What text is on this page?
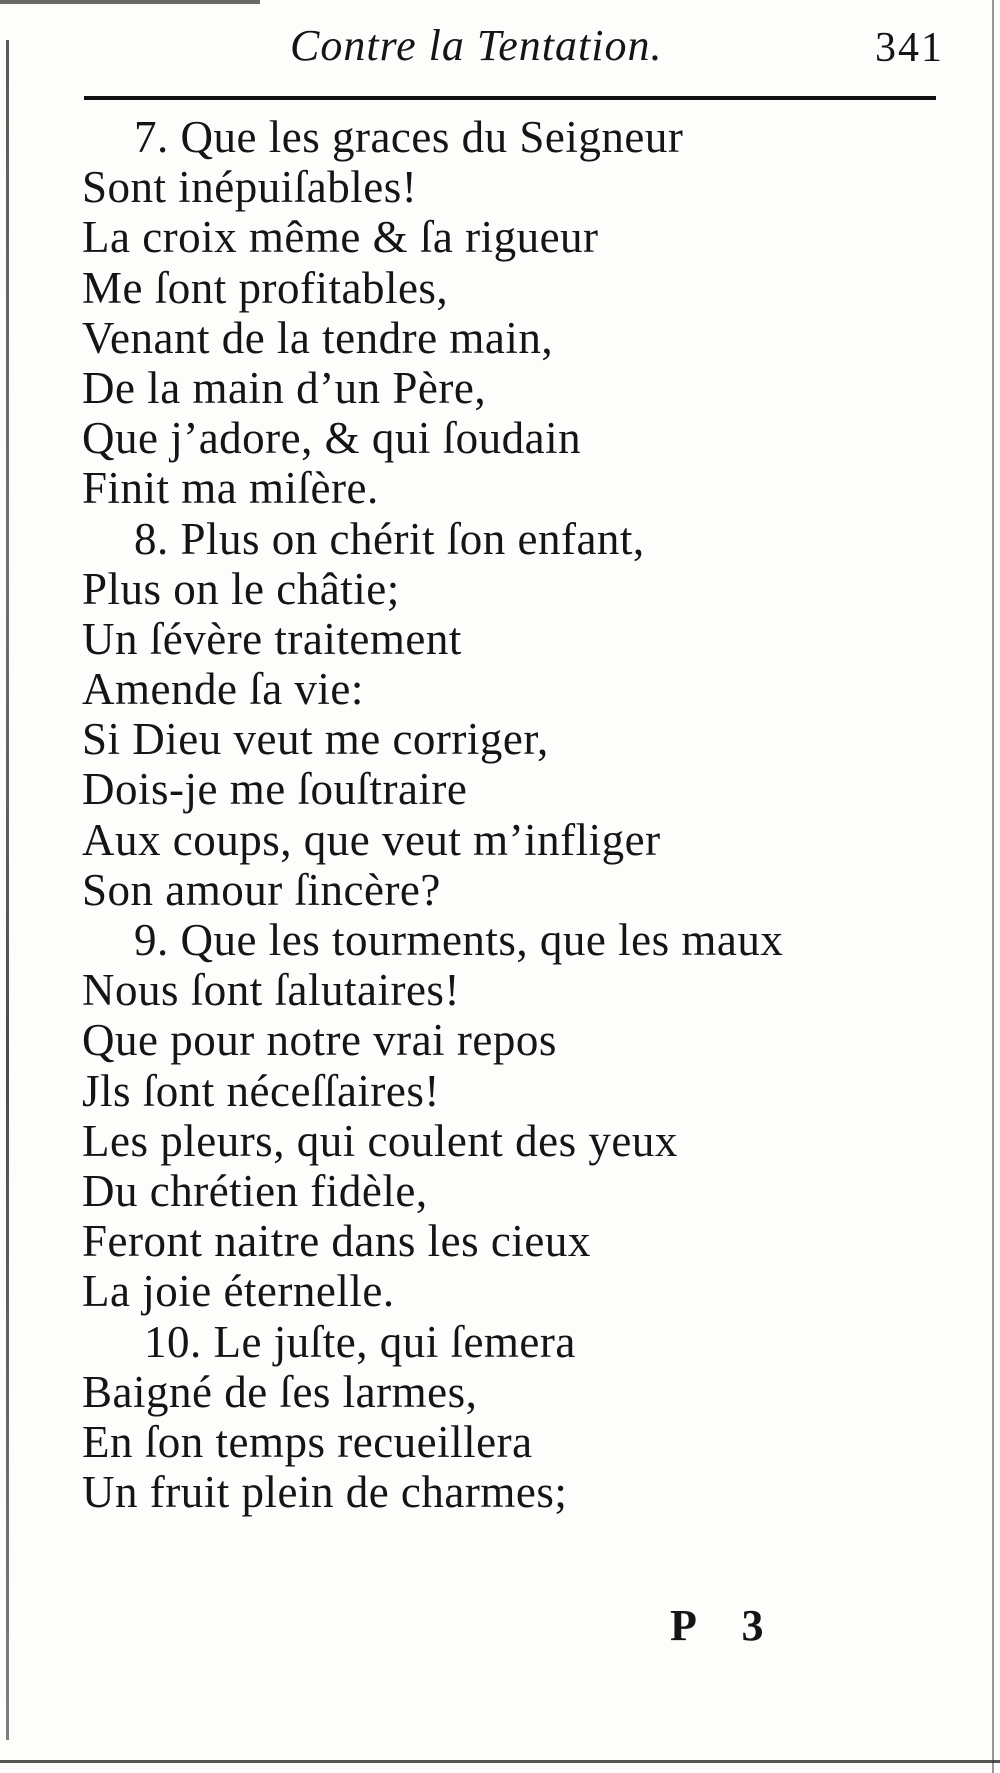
Contre la Tentation.	341
7. Que les graces du Seigneur
Sont inépuiſables!
La croix même & ſa rigueur
Me ſont profitables,
Venant de la tendre main,
De la main d’un Père,
Que j’adore, & qui ſoudain
Finit ma miſère.
8. Plus on chérit ſon enfant,
Plus on le châtie;
Un ſévère traitement
Amende ſa vie:
Si Dieu veut me corriger,
Dois-je me ſouſtraire
Aux coups, que veut m’infliger
Son amour ſincère?
9. Que les tourments, que les maux
Nous ſont ſalutaires!
Que pour notre vrai repos
Jls ſont néceſſaires!
Les pleurs, qui coulent des yeux
Du chrétien fidèle,
Feront naitre dans les cieux
La joie éternelle.
10. Le juſte, qui ſemera
Baigné de ſes larmes,
En ſon temps recueillera
Un fruit plein de charmes;
P 3
